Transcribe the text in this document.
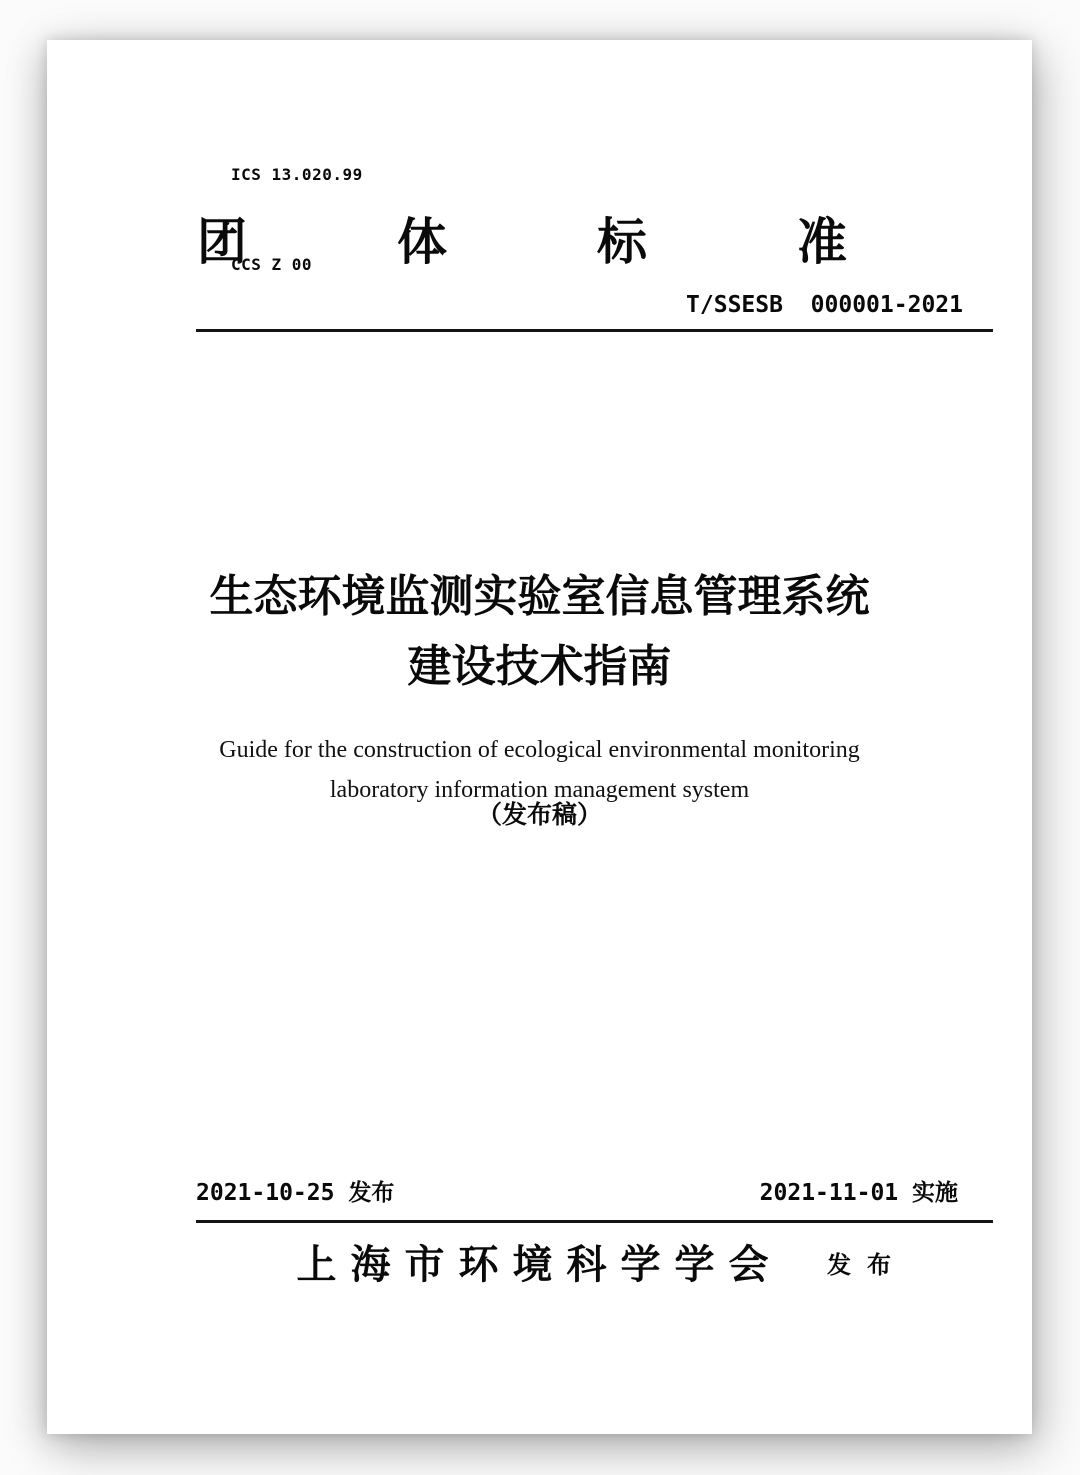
ICS 13.020.99

CCS Z 00

团	体	标	准
T/SSESB  000001-2021
生态环境监测实验室信息管理系统
建设技术指南
Guide for the construction of ecological environmental monitoring
laboratory information management system
（发布稿）
2021-10-25 发布	2021-11-01 实施
上海市环境科学学会	发布
